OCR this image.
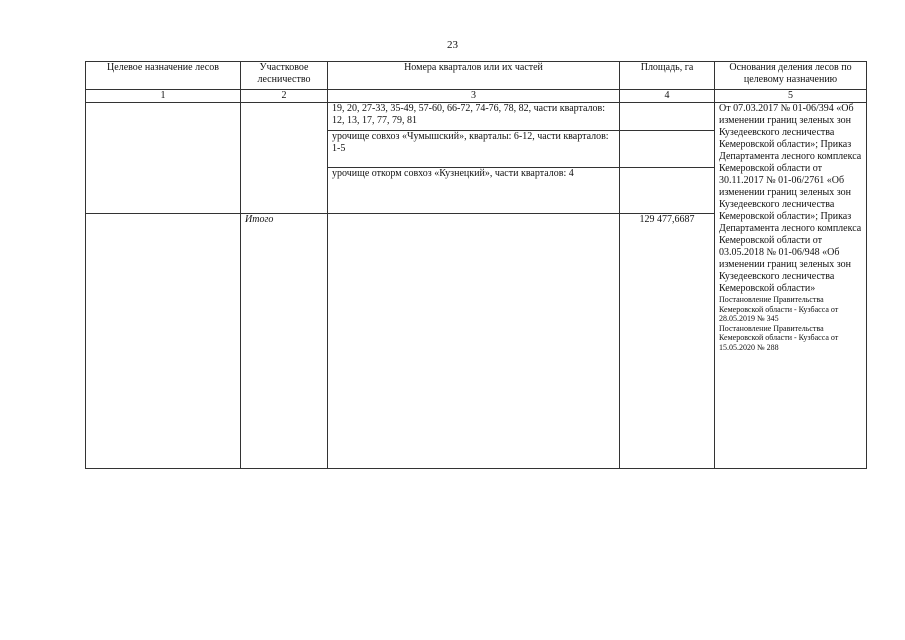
23
Целевое назначение лесов	Участковое лесничество	Номера кварталов или их частей	Площадь, га	Основания деления лесов по целевому назначению
1	2	3	4	5
		19, 20, 27-33, 35-49, 57-60, 66-72, 74-76, 78, 82, части кварталов: 12, 13, 17, 77, 79, 81		От 07.03.2017 № 01-06/394 «Об изменении границ зеленых зон Кузедеевского лесничества Кемеровской области»; Приказ Департамента лесного комплекса Кемеровской области от 30.11.2017 № 01-06/2761 «Об изменении границ зеленых зон Кузедеевского лесничества Кемеровской области»; Приказ Департамента лесного комплекса Кемеровской области от 03.05.2018 № 01-06/948 «Об изменении границ зеленых зон Кузедеевского лесничества Кемеровской области»
Постановление Правительства Кемеровской области - Кузбасса от 28.05.2019 № 345
Постановление Правительства Кемеровской области - Кузбасса от 15.05.2020 № 288

		урочище совхоз «Чумышский», кварталы: 6-12, части кварталов: 1-5		
		урочище откорм совхоз «Кузнецкий», части кварталов: 4		
	Итого		129 477,6687	
